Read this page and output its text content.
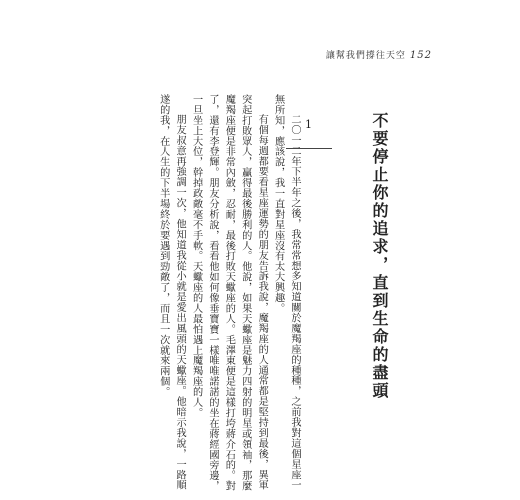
讓幫我們撐往天空 152
不要停止你的追求，直到生命的盡頭
1

二〇一二年下半年之後，我常常想多知道關於魔羯座的種種，之前我對這個星座一

無所知，應該說，我一直對星座沒有太大興趣。

有個每週都要看星座運勢的朋友告訴我說，魔羯座的人通常都是堅持到最後，異軍

突起打敗眾人，贏得最後勝利的人。他說，如果天蠍座是魅力四射的明星或領袖，那麼

魔羯座便是非常內斂，忍耐，最後打敗天蠍座的人。毛澤東便是這樣打垮蔣介石的。對

了，還有李登輝。朋友分析說，看看他如何像垂寶寶一樣唯唯諾諾的坐在蔣經國旁邊，

一旦坐上大位，幹掉政敵毫不手軟。天蠍座的人最怕遇上魔羯座的人。

朋友叔意再強調一次，他知道我從小就是愛出風頭的天蠍座。他暗示我說，一路順

遂的我，在人生的下半場終於要遇到勁敵了，而且一次就來兩個。
